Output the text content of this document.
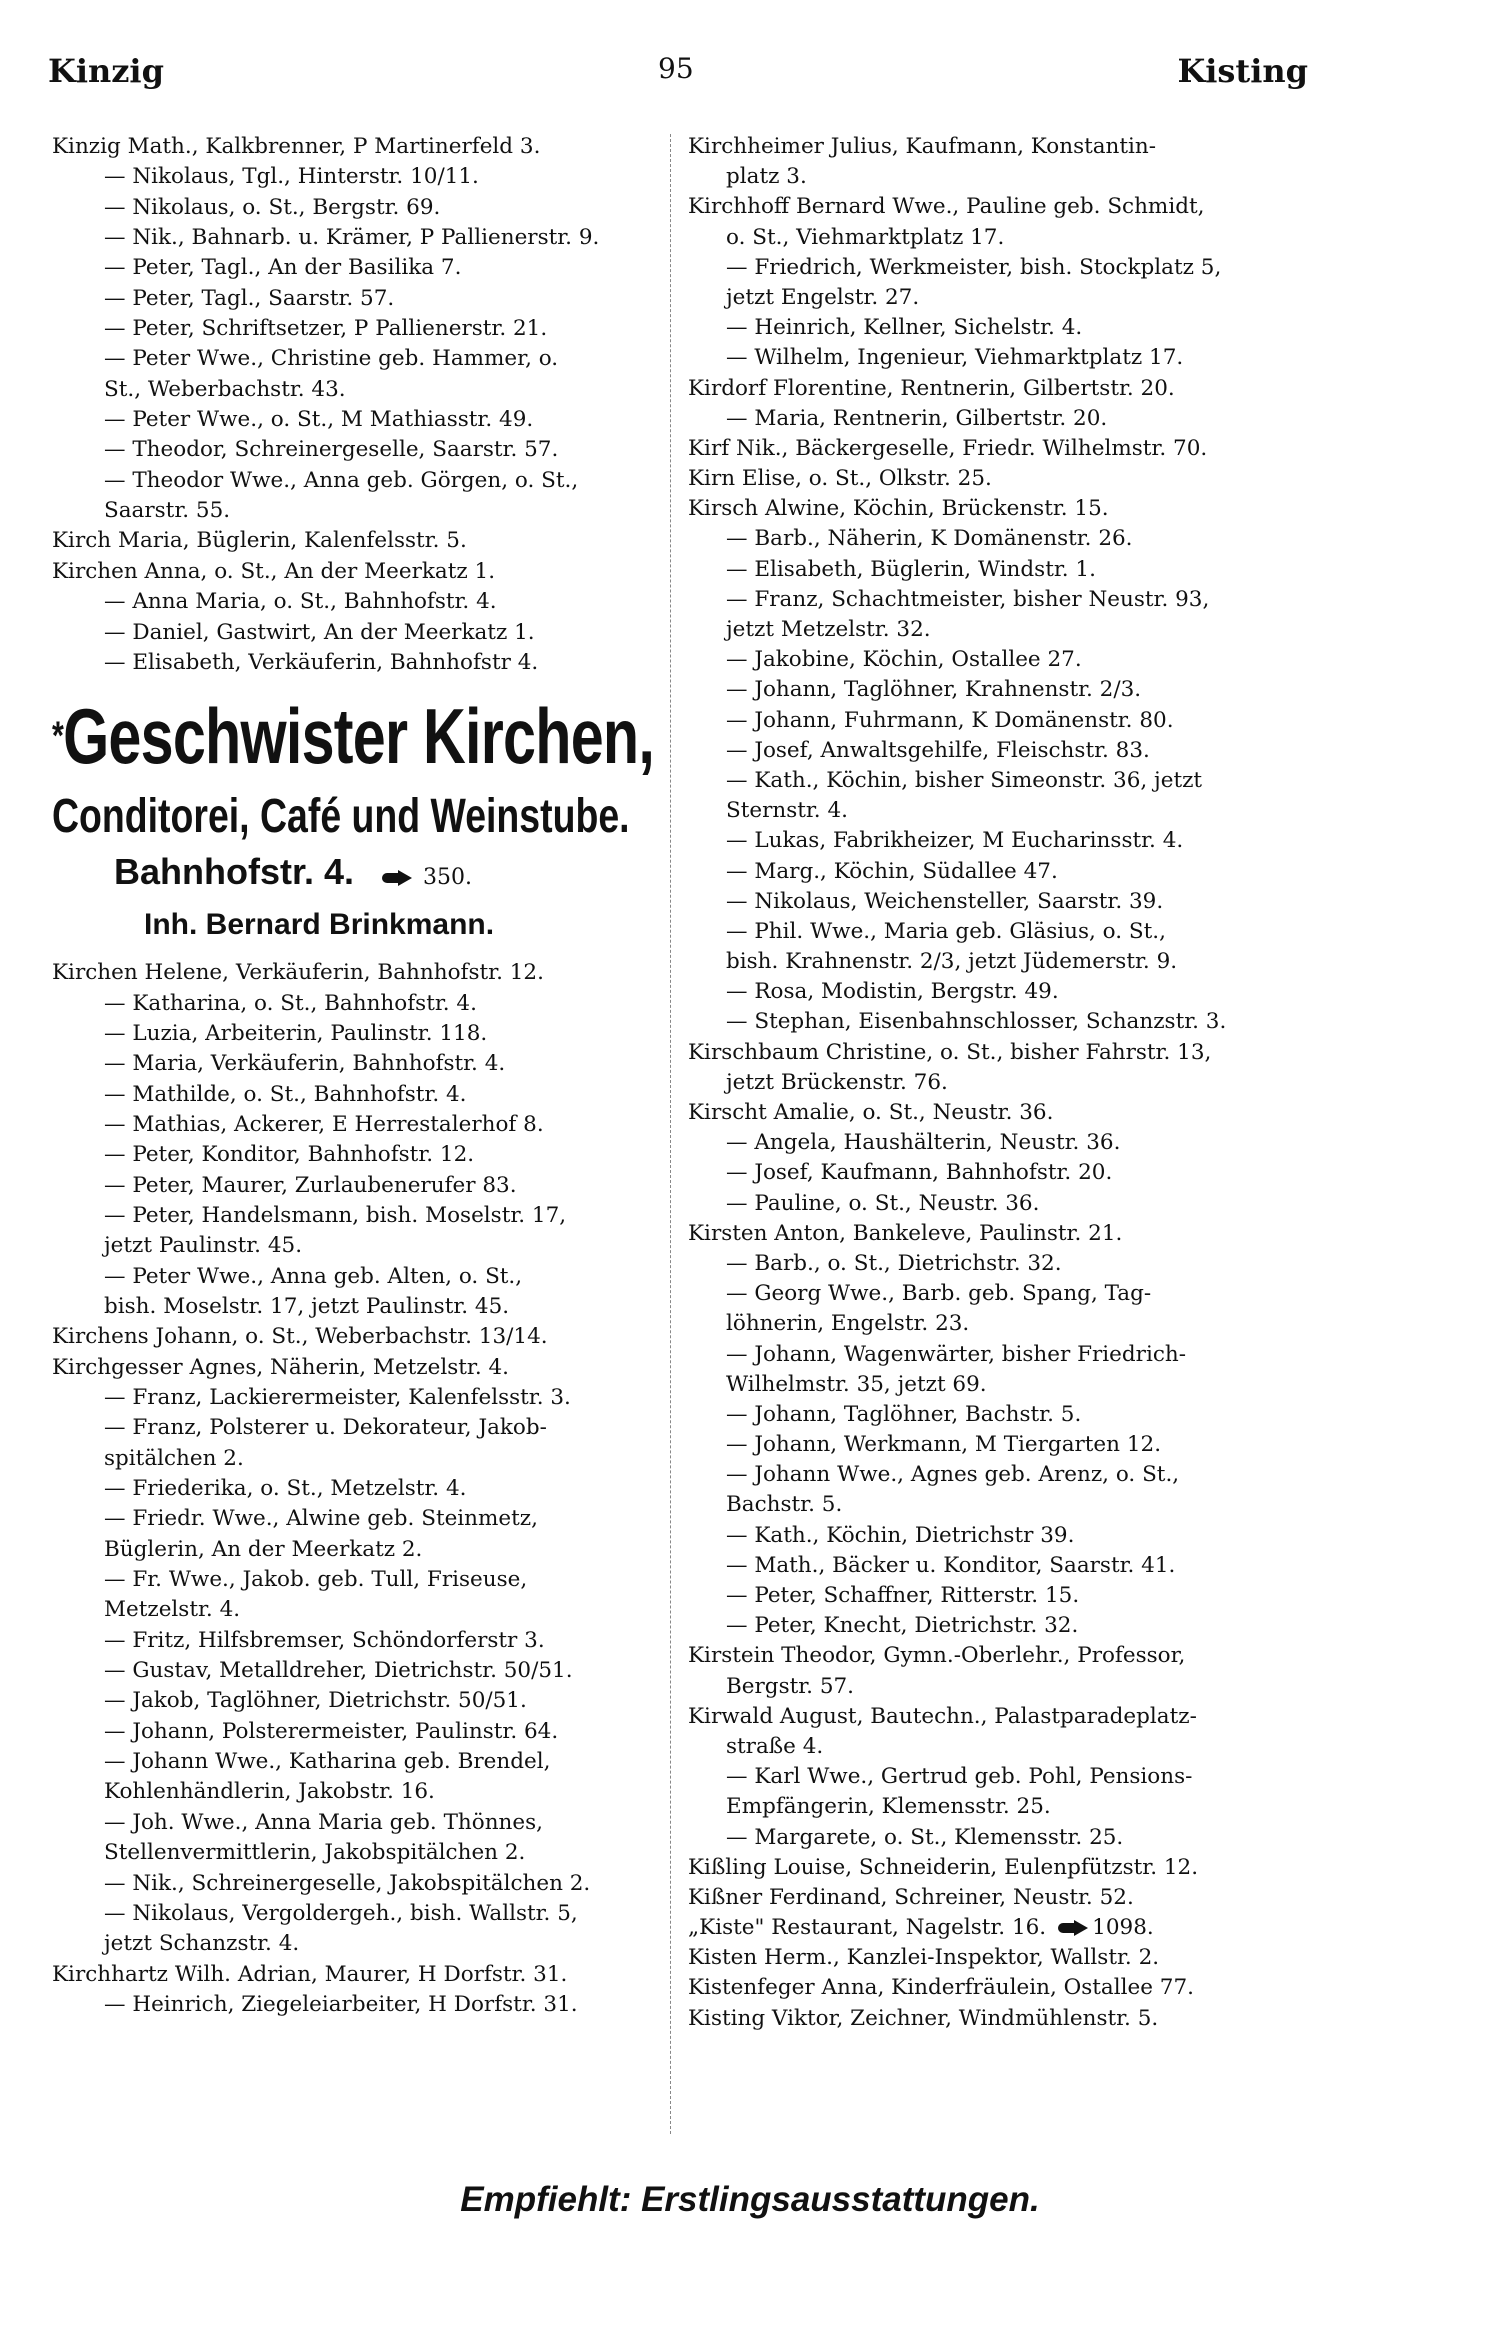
Kinzig	95	Kisting
Kinzig Math., Kalkbrenner, P Martinerfeld 3.
— Nikolaus, Tgl., Hinterstr. 10/11.
— Nikolaus, o. St., Bergstr. 69.
— Nik., Bahnarb. u. Krämer, P Pallienerstr. 9.
— Peter, Tagl., An der Basilika 7.
— Peter, Tagl., Saarstr. 57.
— Peter, Schriftsetzer, P Pallienerstr. 21.
— Peter Wwe., Christine geb. Hammer, o.
St., Weberbachstr. 43.
— Peter Wwe., o. St., M Mathiasstr. 49.
— Theodor, Schreinergeselle, Saarstr. 57.
— Theodor Wwe., Anna geb. Görgen, o. St.,
Saarstr. 55.
Kirch Maria, Büglerin, Kalenfelsstr. 5.
Kirchen Anna, o. St., An der Meerkatz 1.
— Anna Maria, o. St., Bahnhofstr. 4.
— Daniel, Gastwirt, An der Meerkatz 1.
— Elisabeth, Verkäuferin, Bahnhofstr 4.
*Geschwister Kirchen,
Conditorei, Café und Weinstube.
Bahnhofstr. 4.	350.
Inh. Bernard Brinkmann.
Kirchen Helene, Verkäuferin, Bahnhofstr. 12.
— Katharina, o. St., Bahnhofstr. 4.
— Luzia, Arbeiterin, Paulinstr. 118.
— Maria, Verkäuferin, Bahnhofstr. 4.
— Mathilde, o. St., Bahnhofstr. 4.
— Mathias, Ackerer, E Herrestalerhof 8.
— Peter, Konditor, Bahnhofstr. 12.
— Peter, Maurer, Zurlaubenerufer 83.
— Peter, Handelsmann, bish. Moselstr. 17,
jetzt Paulinstr. 45.
— Peter Wwe., Anna geb. Alten, o. St.,
bish. Moselstr. 17, jetzt Paulinstr. 45.
Kirchens Johann, o. St., Weberbachstr. 13/14.
Kirchgesser Agnes, Näherin, Metzelstr. 4.
— Franz, Lackierermeister, Kalenfelsstr. 3.
— Franz, Polsterer u. Dekorateur, Jakob-
spitälchen 2.
— Friederika, o. St., Metzelstr. 4.
— Friedr. Wwe., Alwine geb. Steinmetz,
Büglerin, An der Meerkatz 2.
— Fr. Wwe., Jakob. geb. Tull, Friseuse,
Metzelstr. 4.
— Fritz, Hilfsbremser, Schöndorferstr 3.
— Gustav, Metalldreher, Dietrichstr. 50/51.
— Jakob, Taglöhner, Dietrichstr. 50/51.
— Johann, Polsterermeister, Paulinstr. 64.
— Johann Wwe., Katharina geb. Brendel,
Kohlenhändlerin, Jakobstr. 16.
— Joh. Wwe., Anna Maria geb. Thönnes,
Stellenvermittlerin, Jakobspitälchen 2.
— Nik., Schreinergeselle, Jakobspitälchen 2.
— Nikolaus, Vergoldergeh., bish. Wallstr. 5,
jetzt Schanzstr. 4.
Kirchhartz Wilh. Adrian, Maurer, H Dorfstr. 31.
— Heinrich, Ziegeleiarbeiter, H Dorfstr. 31.
Kirchheimer Julius, Kaufmann, Konstantin-
platz 3.
Kirchhoff Bernard Wwe., Pauline geb. Schmidt,
o. St., Viehmarktplatz 17.
— Friedrich, Werkmeister, bish. Stockplatz 5,
jetzt Engelstr. 27.
— Heinrich, Kellner, Sichelstr. 4.
— Wilhelm, Ingenieur, Viehmarktplatz 17.
Kirdorf Florentine, Rentnerin, Gilbertstr. 20.
— Maria, Rentnerin, Gilbertstr. 20.
Kirf Nik., Bäckergeselle, Friedr. Wilhelmstr. 70.
Kirn Elise, o. St., Olkstr. 25.
Kirsch Alwine, Köchin, Brückenstr. 15.
— Barb., Näherin, K Domänenstr. 26.
— Elisabeth, Büglerin, Windstr. 1.
— Franz, Schachtmeister, bisher Neustr. 93,
jetzt Metzelstr. 32.
— Jakobine, Köchin, Ostallee 27.
— Johann, Taglöhner, Krahnenstr. 2/3.
— Johann, Fuhrmann, K Domänenstr. 80.
— Josef, Anwaltsgehilfe, Fleischstr. 83.
— Kath., Köchin, bisher Simeonstr. 36, jetzt
Sternstr. 4.
— Lukas, Fabrikheizer, M Eucharinsstr. 4.
— Marg., Köchin, Südallee 47.
— Nikolaus, Weichensteller, Saarstr. 39.
— Phil. Wwe., Maria geb. Gläsius, o. St.,
bish. Krahnenstr. 2/3, jetzt Jüdemerstr. 9.
— Rosa, Modistin, Bergstr. 49.
— Stephan, Eisenbahnschlosser, Schanzstr. 3.
Kirschbaum Christine, o. St., bisher Fahrstr. 13,
jetzt Brückenstr. 76.
Kirscht Amalie, o. St., Neustr. 36.
— Angela, Haushälterin, Neustr. 36.
— Josef, Kaufmann, Bahnhofstr. 20.
— Pauline, o. St., Neustr. 36.
Kirsten Anton, Bankeleve, Paulinstr. 21.
— Barb., o. St., Dietrichstr. 32.
— Georg Wwe., Barb. geb. Spang, Tag-
löhnerin, Engelstr. 23.
— Johann, Wagenwärter, bisher Friedrich-
Wilhelmstr. 35, jetzt 69.
— Johann, Taglöhner, Bachstr. 5.
— Johann, Werkmann, M Tiergarten 12.
— Johann Wwe., Agnes geb. Arenz, o. St.,
Bachstr. 5.
— Kath., Köchin, Dietrichstr 39.
— Math., Bäcker u. Konditor, Saarstr. 41.
— Peter, Schaffner, Ritterstr. 15.
— Peter, Knecht, Dietrichstr. 32.
Kirstein Theodor, Gymn.-Oberlehr., Professor,
Bergstr. 57.
Kirwald August, Bautechn., Palastparadeplatz-
straße 4.
— Karl Wwe., Gertrud geb. Pohl, Pensions-
Empfängerin, Klemensstr. 25.
— Margarete, o. St., Klemensstr. 25.
Kißling Louise, Schneiderin, Eulenpfützstr. 12.
Kißner Ferdinand, Schreiner, Neustr. 52.
„Kiste" Restaurant, Nagelstr. 16. 1098.
Kisten Herm., Kanzlei-Inspektor, Wallstr. 2.
Kistenfeger Anna, Kinderfräulein, Ostallee 77.
Kisting Viktor, Zeichner, Windmühlenstr. 5.
Empfiehlt: Erstlingsausstattungen.
